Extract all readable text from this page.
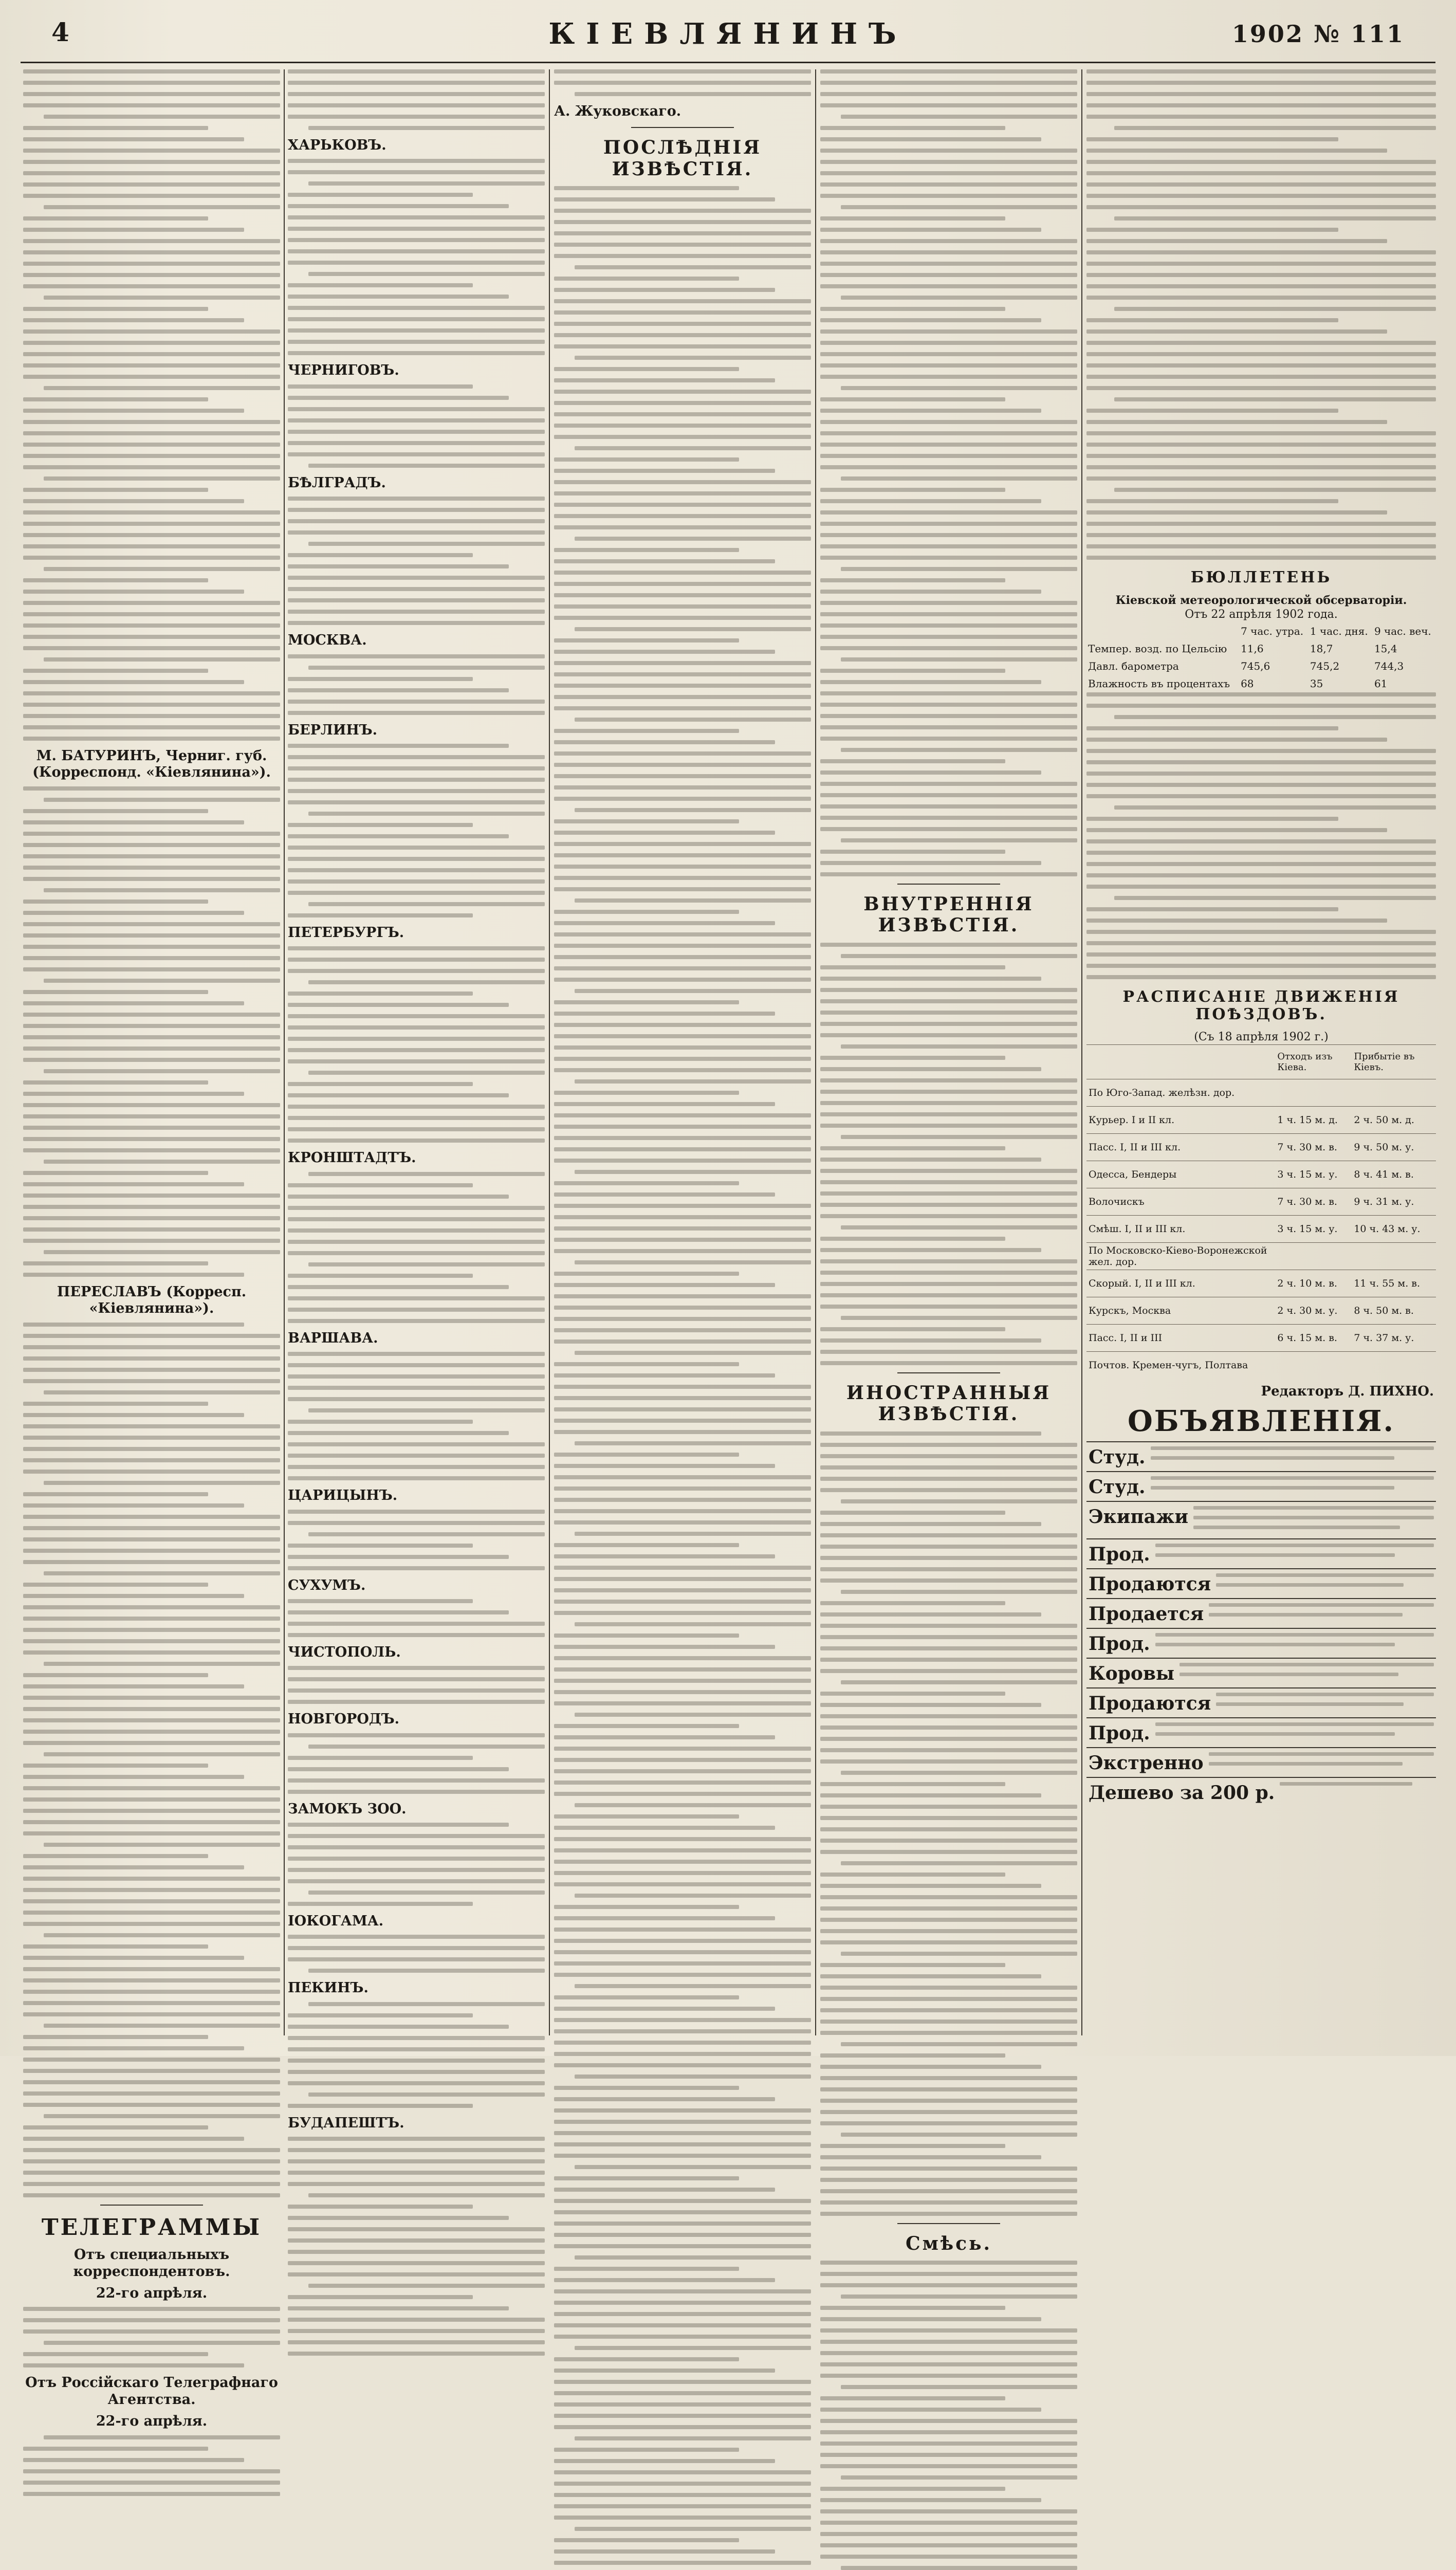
4	КІЕВЛЯНИНЪ	1902 № 111
М. БАТУРИНЪ, Черниг. губ. (Корреспонд. «Кіевлянина»).
ПЕРЕСЛАВЪ (Корресп. «Кіевлянина»).
ТЕЛЕГРАММЫ
Отъ специальныхъ корреспондентовъ.
22-го апрѣля.
Отъ Россійскаго Телеграфнаго Агентства.
22-го апрѣля.
ХАРЬКОВЪ.
ЧЕРНИГОВЪ.
БѢЛГРАДЪ.
МОСКВА.
БЕРЛИНЪ.
ПЕТЕРБУРГЪ.
КРОНШТАДТЪ.
ВАРШАВА.
ЦАРИЦЫНЪ.
СУХУМЪ.
ЧИСТОПОЛЬ.
НОВГОРОДЪ.
ЗАМОКЪ ЗОО.
ІОКОГАМА.
ПЕКИНЪ.
БУДАПЕШТЪ.
А. Жуковскаго.
ПОСЛѢДНІЯ ИЗВѢСТІЯ.
ВНУТРЕННІЯ ИЗВѢСТІЯ.
ИНОСТРАННЫЯ ИЗВѢСТІЯ.
Смѣсь.
БЮЛЛЕТЕНЬ
Кіевской метеорологической обсерваторіи.
Отъ 22 апрѣля 1902 года.
	7 час. утра.	1 час. дня.	9 час. веч.
Темпер. возд. по Цельсію	11,6	18,7	15,4
Давл. барометра	745,6	745,2	744,3
Влажность въ процентахъ	68	35	61
РАСПИСАНІЕ ДВИЖЕНІЯ ПОѢЗДОВЪ.
(Съ 18 апрѣля 1902 г.)
	Отходъ изъ Кіева.	Прибытіе въ Кіевъ.
По Юго-Запад. желѣзн. дор.		
Курьер. І и ІІ кл.	1 ч. 15 м. д.	2 ч. 50 м. д.
Пасс. І, ІІ и ІІІ кл.	7 ч. 30 м. в.	9 ч. 50 м. у.
Одесса, Бендеры	3 ч. 15 м. у.	8 ч. 41 м. в.
Волочискъ	7 ч. 30 м. в.	9 ч. 31 м. у.
Смѣш. І, ІІ и ІІІ кл.	3 ч. 15 м. у.	10 ч. 43 м. у.
По Московско-Кіево-Воронежской жел. дор.		
Скорый. І, ІІ и ІІІ кл.	2 ч. 10 м. в.	11 ч. 55 м. в.
Курскъ, Москва	2 ч. 30 м. у.	8 ч. 50 м. в.
Пасс. І, ІІ и ІІІ	6 ч. 15 м. в.	7 ч. 37 м. у.
Почтов. Кремен-чугъ, Полтава		
Редакторъ Д. ПИХНО.
ОБЪЯВЛЕНІЯ.
Студ.
Студ.
Экипажи
Прод.
Продаются
Продается
Прод.
Коровы
Продаются
Прод.
Экстренно
Дешево за 200 р.
